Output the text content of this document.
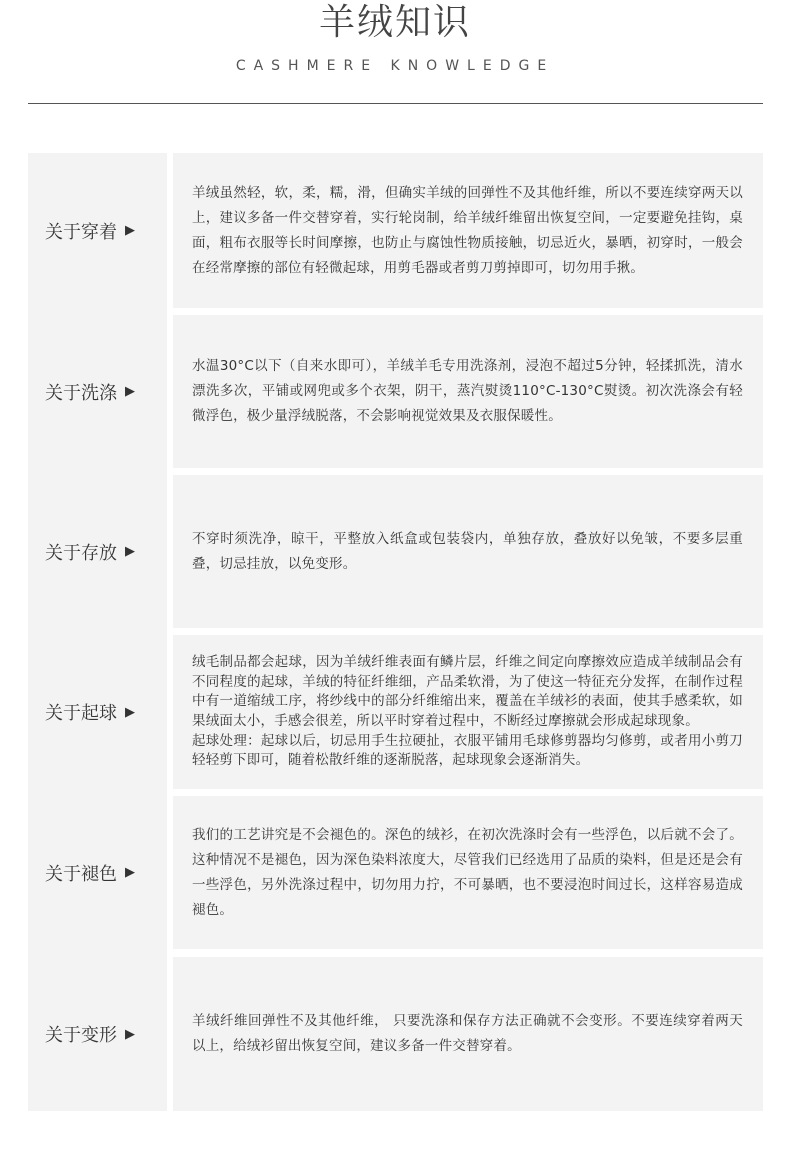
羊绒知识
CASHMERE KNOWLEDGE
关于穿着 ▶

羊绒虽然轻，软，柔，糯，滑，但确实羊绒的回弹性不及其他纤维，所以不要连续穿两天以上，建议多备一件交替穿着，实行轮岗制，给羊绒纤维留出恢复空间，一定要避免挂钩，桌面，粗布衣服等长时间摩擦，也防止与腐蚀性物质接触，切忌近火，暴晒，初穿时，一般会在经常摩擦的部位有轻微起球，用剪毛器或者剪刀剪掉即可，切勿用手揪。

关于洗涤 ▶

水温30°C以下（自来水即可），羊绒羊毛专用洗涤剂，浸泡不超过5分钟，轻揉抓洗，清水漂洗多次，平铺或网兜或多个衣架，阴干，蒸汽熨烫110°C-130°C熨烫。初次洗涤会有轻微浮色，极少量浮绒脱落，不会影响视觉效果及衣服保暖性。

关于存放 ▶

不穿时须洗净，晾干，平整放入纸盒或包装袋内，单独存放，叠放好以免皱，不要多层重叠，切忌挂放，以免变形。

关于起球 ▶

绒毛制品都会起球，因为羊绒纤维表面有鳞片层，纤维之间定向摩擦效应造成羊绒制品会有不同程度的起球，羊绒的特征纤维细，产品柔软滑，为了使这一特征充分发挥，在制作过程中有一道缩绒工序，将纱线中的部分纤维缩出来，覆盖在羊绒衫的表面，使其手感柔软，如果绒面太小，手感会很差，所以平时穿着过程中，不断经过摩擦就会形成起球现象。

起球处理：起球以后，切忌用手生拉硬扯，衣服平铺用毛球修剪器均匀修剪，或者用小剪刀轻轻剪下即可，随着松散纤维的逐渐脱落，起球现象会逐渐消失。

关于褪色 ▶

我们的工艺讲究是不会褪色的。深色的绒衫，在初次洗涤时会有一些浮色，以后就不会了。这种情况不是褪色，因为深色染料浓度大，尽管我们已经选用了品质的染料，但是还是会有一些浮色，另外洗涤过程中，切勿用力拧，不可暴晒，也不要浸泡时间过长，这样容易造成褪色。

关于变形 ▶

羊绒纤维回弹性不及其他纤维， 只要洗涤和保存方法正确就不会变形。不要连续穿着两天以上，给绒衫留出恢复空间，建议多备一件交替穿着。
